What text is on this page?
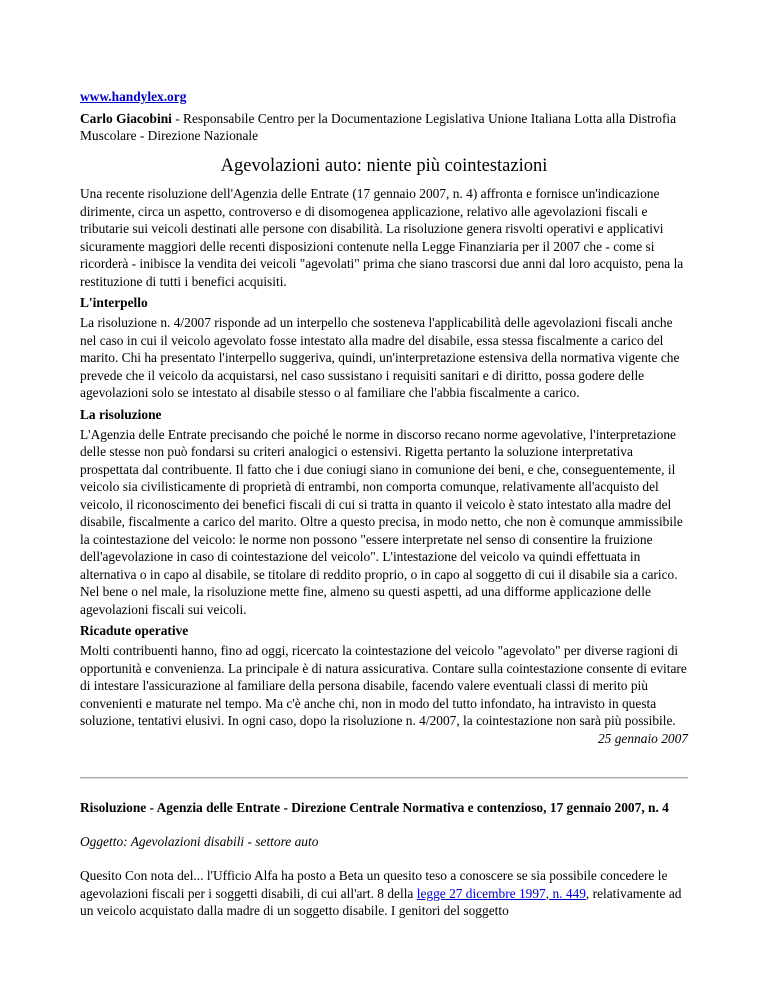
www.handylex.org

Carlo Giacobini - Responsabile Centro per la Documentazione Legislativa Unione Italiana Lotta alla Distrofia Muscolare - Direzione Nazionale

Agevolazioni auto: niente più cointestazioni

Una recente risoluzione dell'Agenzia delle Entrate (17 gennaio 2007, n. 4) affronta e fornisce un'indicazione dirimente, circa un aspetto, controverso e di disomogenea applicazione, relativo alle agevolazioni fiscali e tributarie sui veicoli destinati alle persone con disabilità. La risoluzione genera risvolti operativi e applicativi sicuramente maggiori delle recenti disposizioni contenute nella Legge Finanziaria per il 2007 che - come si ricorderà - inibisce la vendita dei veicoli "agevolati" prima che siano trascorsi due anni dal loro acquisto, pena la restituzione di tutti i benefici acquisiti.

L'interpello

La risoluzione n. 4/2007 risponde ad un interpello che sosteneva l'applicabilità delle agevolazioni fiscali anche nel caso in cui il veicolo agevolato fosse intestato alla madre del disabile, essa stessa fiscalmente a carico del marito. Chi ha presentato l'interpello suggeriva, quindi, un'interpretazione estensiva della normativa vigente che prevede che il veicolo da acquistarsi, nel caso sussistano i requisiti sanitari e di diritto, possa godere delle agevolazioni solo se intestato al disabile stesso o al familiare che l'abbia fiscalmente a carico.

La risoluzione

L'Agenzia delle Entrate precisando che poiché le norme in discorso recano norme agevolative, l'interpretazione delle stesse non può fondarsi su criteri analogici o estensivi. Rigetta pertanto la soluzione interpretativa prospettata dal contribuente. Il fatto che i due coniugi siano in comunione dei beni, e che, conseguentemente, il veicolo sia civilisticamente di proprietà di entrambi, non comporta comunque, relativamente all'acquisto del veicolo, il riconoscimento dei benefici fiscali di cui si tratta in quanto il veicolo è stato intestato alla madre del disabile, fiscalmente a carico del marito. Oltre a questo precisa, in modo netto, che non è comunque ammissibile la cointestazione del veicolo: le norme non possono "essere interpretate nel senso di consentire la fruizione dell'agevolazione in caso di cointestazione del veicolo". L'intestazione del veicolo va quindi effettuata in alternativa o in capo al disabile, se titolare di reddito proprio, o in capo al soggetto di cui il disabile sia a carico. Nel bene o nel male, la risoluzione mette fine, almeno su questi aspetti, ad una difforme applicazione delle agevolazioni fiscali sui veicoli.

Ricadute operative

Molti contribuenti hanno, fino ad oggi, ricercato la cointestazione del veicolo "agevolato" per diverse ragioni di opportunità e convenienza. La principale è di natura assicurativa. Contare sulla cointestazione consente di evitare di intestare l'assicurazione al familiare della persona disabile, facendo valere eventuali classi di merito più convenienti e maturate nel tempo. Ma c'è anche chi, non in modo del tutto infondato, ha intravisto in questa soluzione, tentativi elusivi. In ogni caso, dopo la risoluzione n. 4/2007, la cointestazione non sarà più possibile.

25 gennaio 2007

Risoluzione - Agenzia delle Entrate - Direzione Centrale Normativa e contenzioso, 17 gennaio 2007, n. 4

Oggetto: Agevolazioni disabili - settore auto

Quesito Con nota del... l'Ufficio Alfa ha posto a Beta un quesito teso a conoscere se sia possibile concedere le agevolazioni fiscali per i soggetti disabili, di cui all'art. 8 della legge 27 dicembre 1997, n. 449, relativamente ad un veicolo acquistato dalla madre di un soggetto disabile. I genitori del soggetto
